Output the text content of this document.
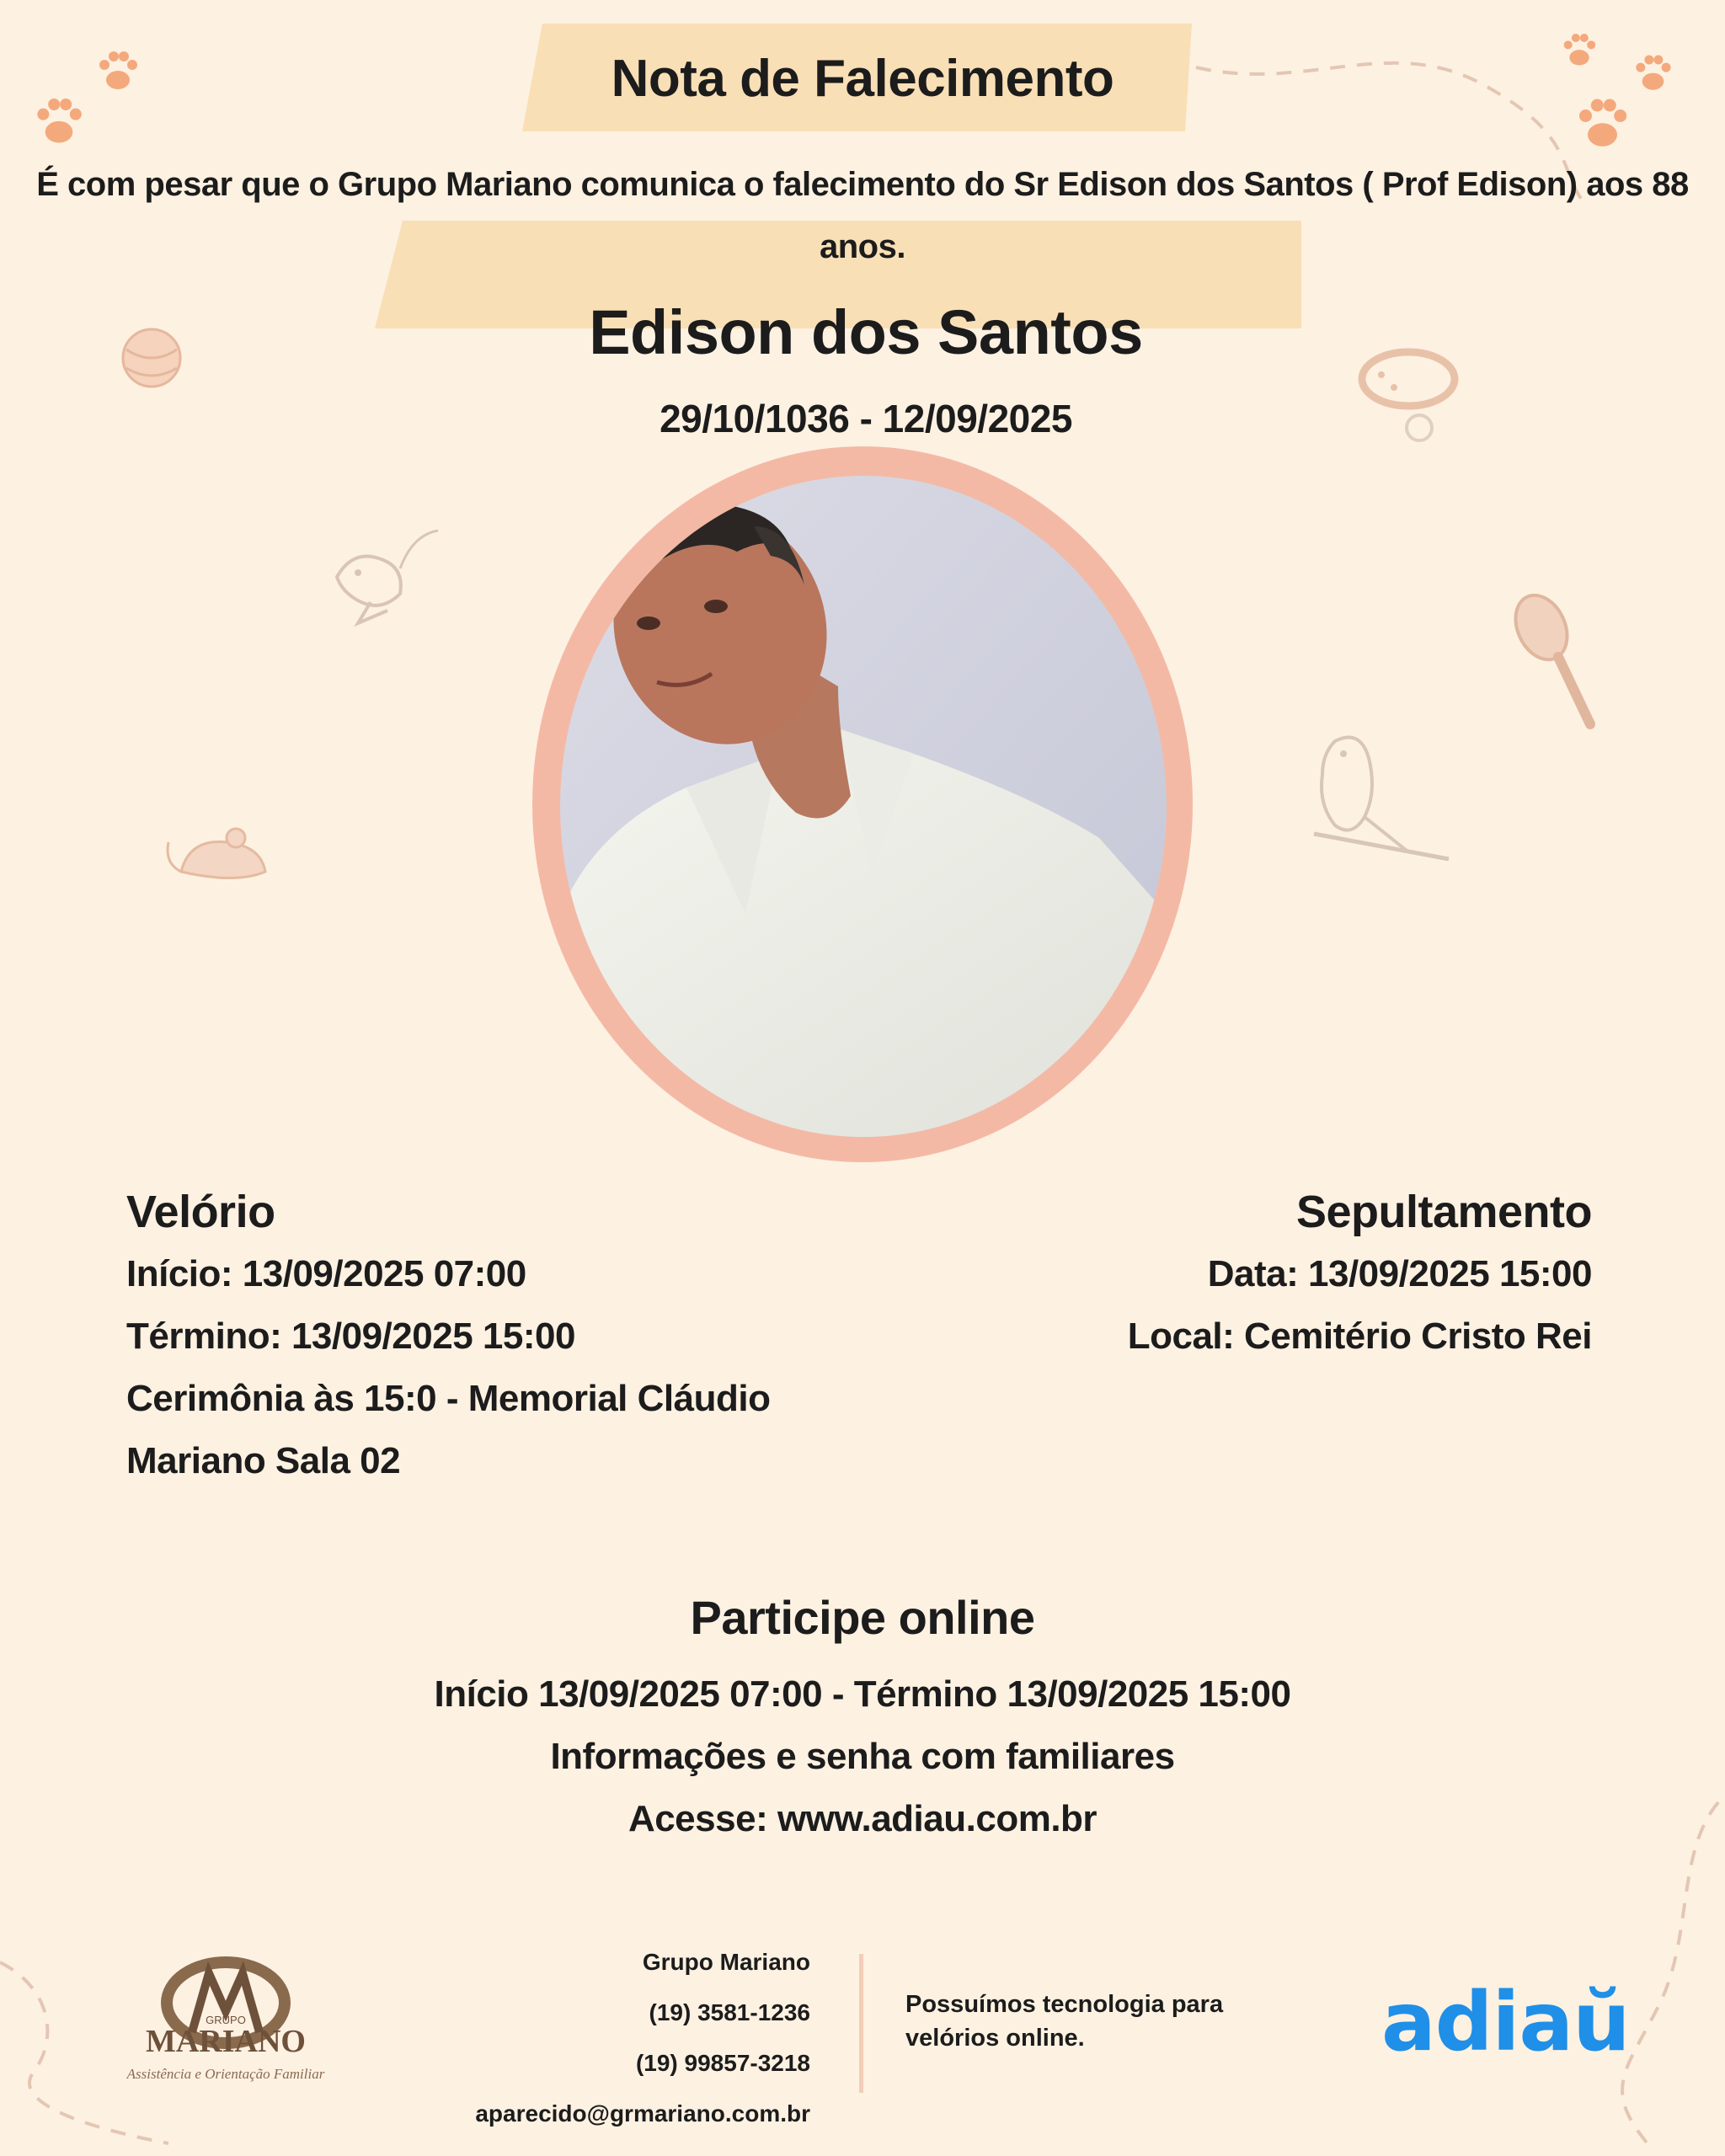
Nota de Falecimento
É com pesar que o Grupo Mariano comunica o falecimento do Sr Edison dos Santos ( Prof Edison) aos 88 anos.
Edison dos Santos
29/10/1036 - 12/09/2025
Velório
Início: 13/09/2025 07:00
Término: 13/09/2025 15:00
Cerimônia às 15:0 - Memorial Cláudio
Mariano Sala 02
Sepultamento
Data: 13/09/2025 15:00
Local: Cemitério Cristo Rei
Participe online
Início 13/09/2025 07:00 - Término 13/09/2025 15:00
Informações e senha com familiares
Acesse: www.adiau.com.br
GRUPO
MARIANO
Assistência e Orientação Familiar
Grupo Mariano
(19) 3581-1236
(19) 99857-3218
aparecido@grmariano.com.br
Possuímos tecnologia para velórios online.	adiaŭ
